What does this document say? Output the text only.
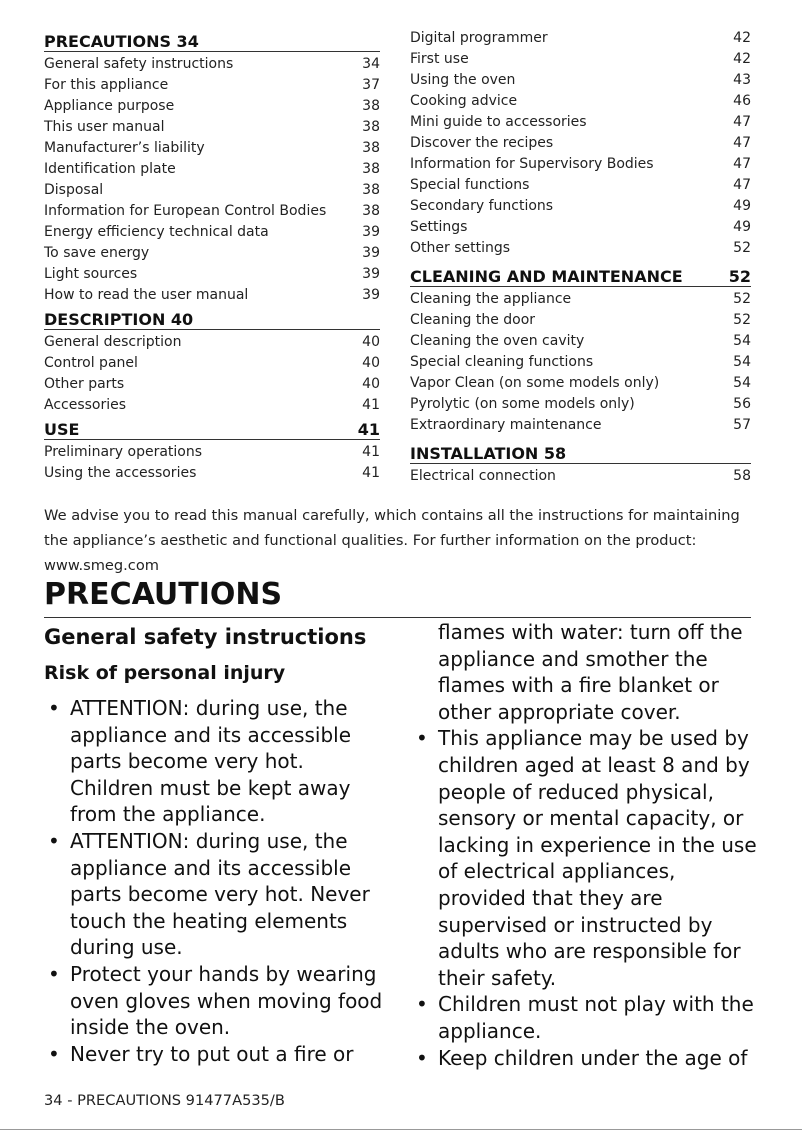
PRECAUTIONS 34
General safety instructions	34
For this appliance	37
Appliance purpose	38
This user manual	38
Manufacturer’s liability	38
Identification plate	38
Disposal	38
Information for European Control Bodies	38
Energy efficiency technical data	39
To save energy	39
Light sources	39
How to read the user manual	39
DESCRIPTION 40
General description	40
Control panel	40
Other parts	40
Accessories	41
USE	41
Preliminary operations	41
Using the accessories	41
Digital programmer	42
First use	42
Using the oven	43
Cooking advice	46
Mini guide to accessories	47
Discover the recipes	47
Information for Supervisory Bodies	47
Special functions	47
Secondary functions	49
Settings	49
Other settings	52
CLEANING AND MAINTENANCE	52
Cleaning the appliance	52
Cleaning the door	52
Cleaning the oven cavity	54
Special cleaning functions	54
Vapor Clean (on some models only)	54
Pyrolytic (on some models only)	56
Extraordinary maintenance	57
INSTALLATION 58
Electrical connection	58
We advise you to read this manual carefully, which contains all the instructions for maintaining the appliance’s aesthetic and functional qualities. For further information on the product: www.smeg.com
PRECAUTIONS
General safety instructions
Risk of personal injury
• ATTENTION: during use, the appliance and its accessible parts become very hot. Children must be kept away from the appliance.
• ATTENTION: during use, the appliance and its accessible parts become very hot. Never touch the heating elements during use.
• Protect your hands by wearing oven gloves when moving food inside the oven.
• Never try to put out a fire or
flames with water: turn off the appliance and smother the flames with a fire blanket or other appropriate cover.
• This appliance may be used by children aged at least 8 and by people of reduced physical, sensory or mental capacity, or lacking in experience in the use of electrical appliances, provided that they are supervised or instructed by adults who are responsible for their safety.
• Children must not play with the appliance.
• Keep children under the age of
34 - PRECAUTIONS 91477A535/B
